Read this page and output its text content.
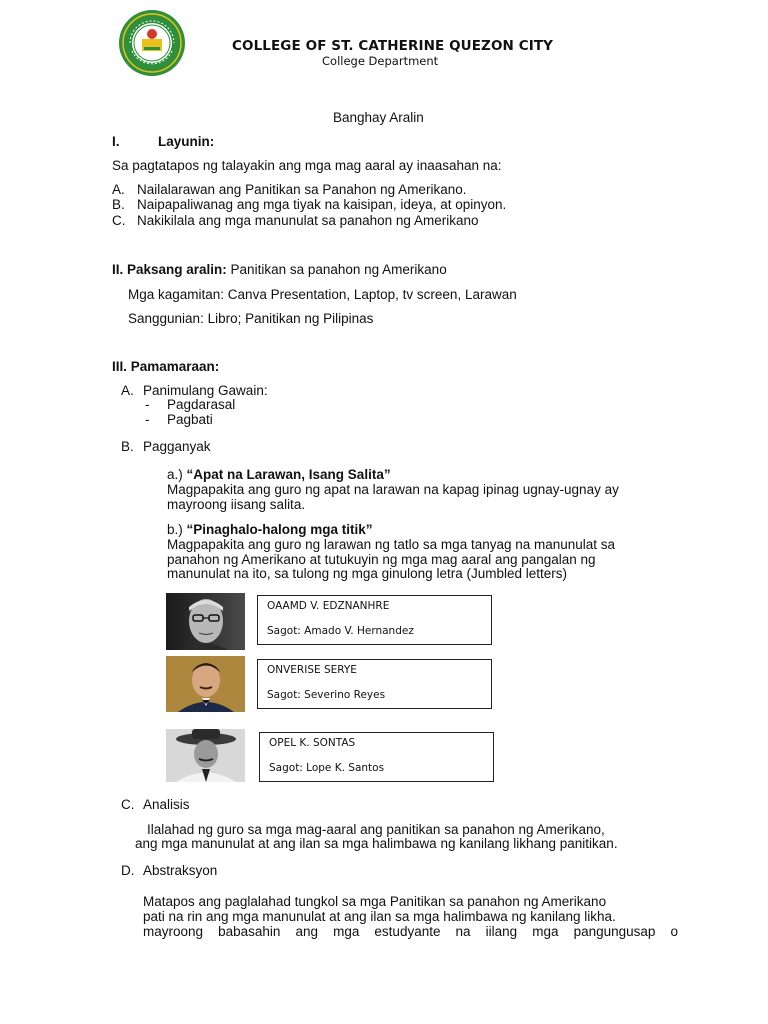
COLLEGE OF ST. CATHERINE QUEZON CITY
College Department
Banghay Aralin
I.	Layunin:
Sa pagtatapos ng talayakin ang mga mag aaral ay inaasahan na:
A. Nailalarawan ang Panitikan sa Panahon ng Amerikano.
B. Naipapaliwanag ang mga tiyak na kaisipan, ideya, at opinyon.
C. Nakikilala ang mga manunulat sa panahon ng Amerikano
II. Paksang aralin: Panitikan sa panahon ng Amerikano
Mga kagamitan: Canva Presentation, Laptop, tv screen, Larawan
Sanggunian: Libro; Panitikan ng Pilipinas
III. Pamamaraan:
A. Panimulang Gawain:
- Pagdarasal
- Pagbati
B. Pagganyak
a.) “Apat na Larawan, Isang Salita”
Magpapakita ang guro ng apat na larawan na kapag ipinag ugnay-ugnay ay
mayroong iisang salita.
b.) “Pinaghalo-halong mga titik”
Magpapakita ang guro ng larawan ng tatlo sa mga tanyag na manunulat sa
panahon ng Amerikano at tutukuyin ng mga mag aaral ang pangalan ng
manunulat na ito, sa tulong ng mga ginulong letra (Jumbled letters)
OAAMD V. EDZNANHRE
Sagot: Amado V. Hernandez
ONVERISE SERYE
Sagot: Severino Reyes
OPEL K. SONTAS
Sagot: Lope K. Santos
C. Analisis
Ilalahad ng guro sa mga mag-aaral ang panitikan sa panahon ng Amerikano,
ang mga manunulat at ang ilan sa mga halimbawa ng kanilang likhang panitikan.
D. Abstraksyon
Matapos ang paglalahad tungkol sa mga Panitikan sa panahon ng Amerikano
pati na rin ang mga manunulat at ang ilan sa mga halimbawa ng kanilang likha.
mayroong babasahin ang mga estudyante na iilang mga pangungusap o
